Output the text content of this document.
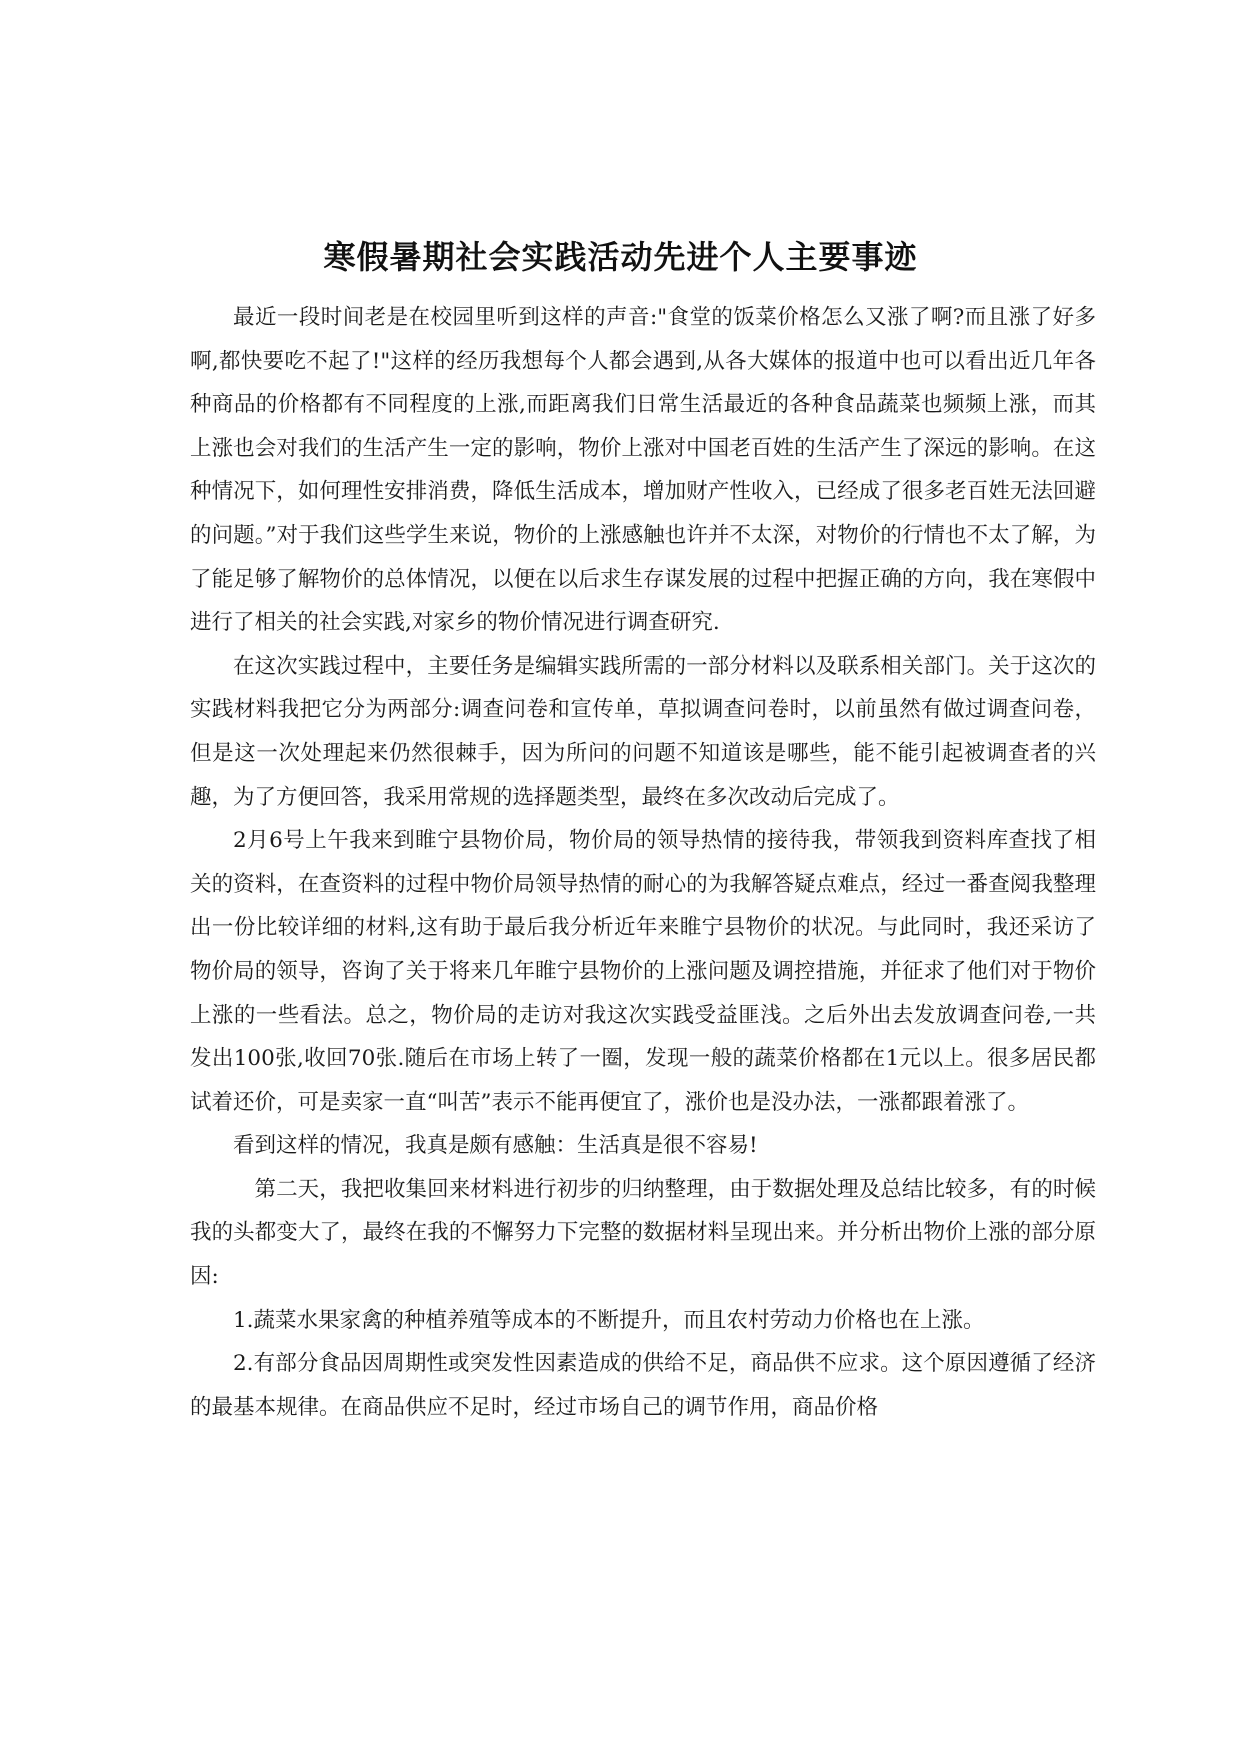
寒假暑期社会实践活动先进个人主要事迹

最近一段时间老是在校园里听到这样的声音:"食堂的饭菜价格怎么又涨了啊?而且涨了好多啊,都快要吃不起了!"这样的经历我想每个人都会遇到,从各大媒体的报道中也可以看出近几年各种商品的价格都有不同程度的上涨,而距离我们日常生活最近的各种食品蔬菜也频频上涨，而其上涨也会对我们的生活产生一定的影响，物价上涨对中国老百姓的生活产生了深远的影响。在这种情况下，如何理性安排消费，降低生活成本，增加财产性收入，已经成了很多老百姓无法回避的问题。”对于我们这些学生来说，物价的上涨感触也许并不太深，对物价的行情也不太了解，为了能足够了解物价的总体情况，以便在以后求生存谋发展的过程中把握正确的方向，我在寒假中进行了相关的社会实践,对家乡的物价情况进行调查研究.

在这次实践过程中，主要任务是编辑实践所需的一部分材料以及联系相关部门。关于这次的实践材料我把它分为两部分:调查问卷和宣传单，草拟调查问卷时，以前虽然有做过调查问卷，但是这一次处理起来仍然很棘手，因为所问的问题不知道该是哪些，能不能引起被调查者的兴趣，为了方便回答，我采用常规的选择题类型，最终在多次改动后完成了。

2月6号上午我来到睢宁县物价局，物价局的领导热情的接待我，带领我到资料库查找了相关的资料，在查资料的过程中物价局领导热情的耐心的为我解答疑点难点，经过一番查阅我整理出一份比较详细的材料,这有助于最后我分析近年来睢宁县物价的状况。与此同时，我还采访了物价局的领导，咨询了关于将来几年睢宁县物价的上涨问题及调控措施，并征求了他们对于物价上涨的一些看法。总之，物价局的走访对我这次实践受益匪浅。之后外出去发放调查问卷,一共发出100张,收回70张.随后在市场上转了一圈，发现一般的蔬菜价格都在1元以上。很多居民都试着还价，可是卖家一直“叫苦”表示不能再便宜了，涨价也是没办法，一涨都跟着涨了。

看到这样的情况，我真是颇有感触：生活真是很不容易!

第二天，我把收集回来材料进行初步的归纳整理，由于数据处理及总结比较多，有的时候我的头都变大了，最终在我的不懈努力下完整的数据材料呈现出来。并分析出物价上涨的部分原因:

1.蔬菜水果家禽的种植养殖等成本的不断提升，而且农村劳动力价格也在上涨。

2.有部分食品因周期性或突发性因素造成的供给不足，商品供不应求。这个原因遵循了经济的最基本规律。在商品供应不足时，经过市场自己的调节作用，商品价格
